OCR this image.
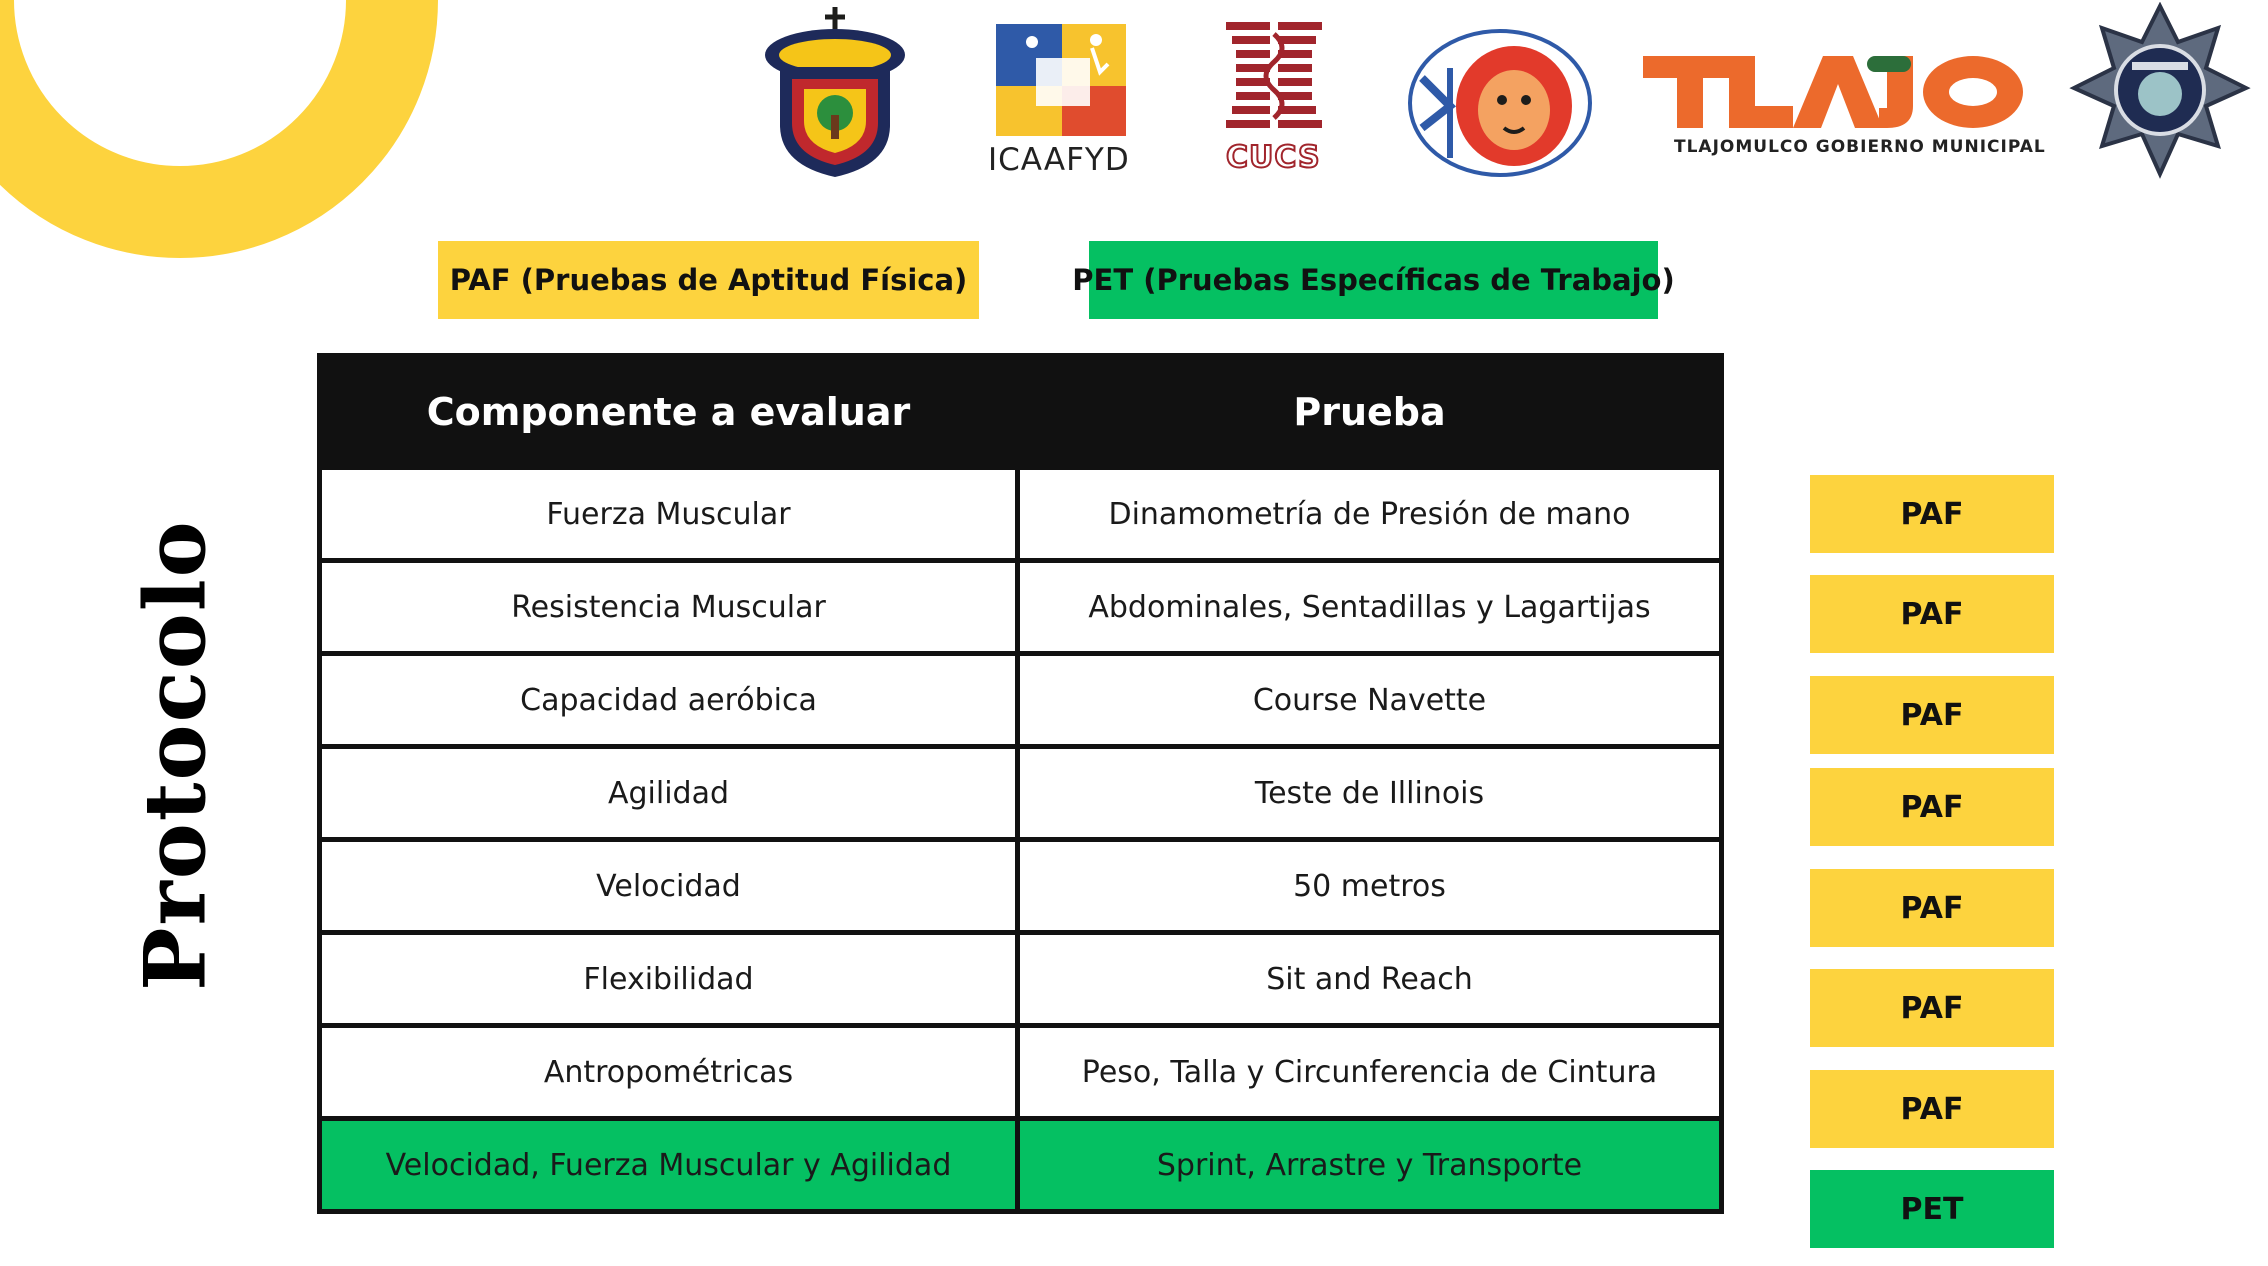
Protocolo
ICAAFYD	CUCS	TLAJOMULCO GOBIERNO MUNICIPAL
PAF (Pruebas de Aptitud Física)	PET (Pruebas Específicas de Trabajo)
Componente a evaluar	Prueba
Fuerza Muscular	Dinamometría de Presión de mano
Resistencia Muscular	Abdominales, Sentadillas y Lagartijas
Capacidad aeróbica	Course Navette
Agilidad	Teste de Illinois
Velocidad	50 metros
Flexibilidad	Sit and Reach
Antropométricas	Peso, Talla y Circunferencia de Cintura
Velocidad, Fuerza Muscular y Agilidad	Sprint, Arrastre y Transporte
PAF
PAF
PAF
PAF
PAF
PAF
PAF
PET
